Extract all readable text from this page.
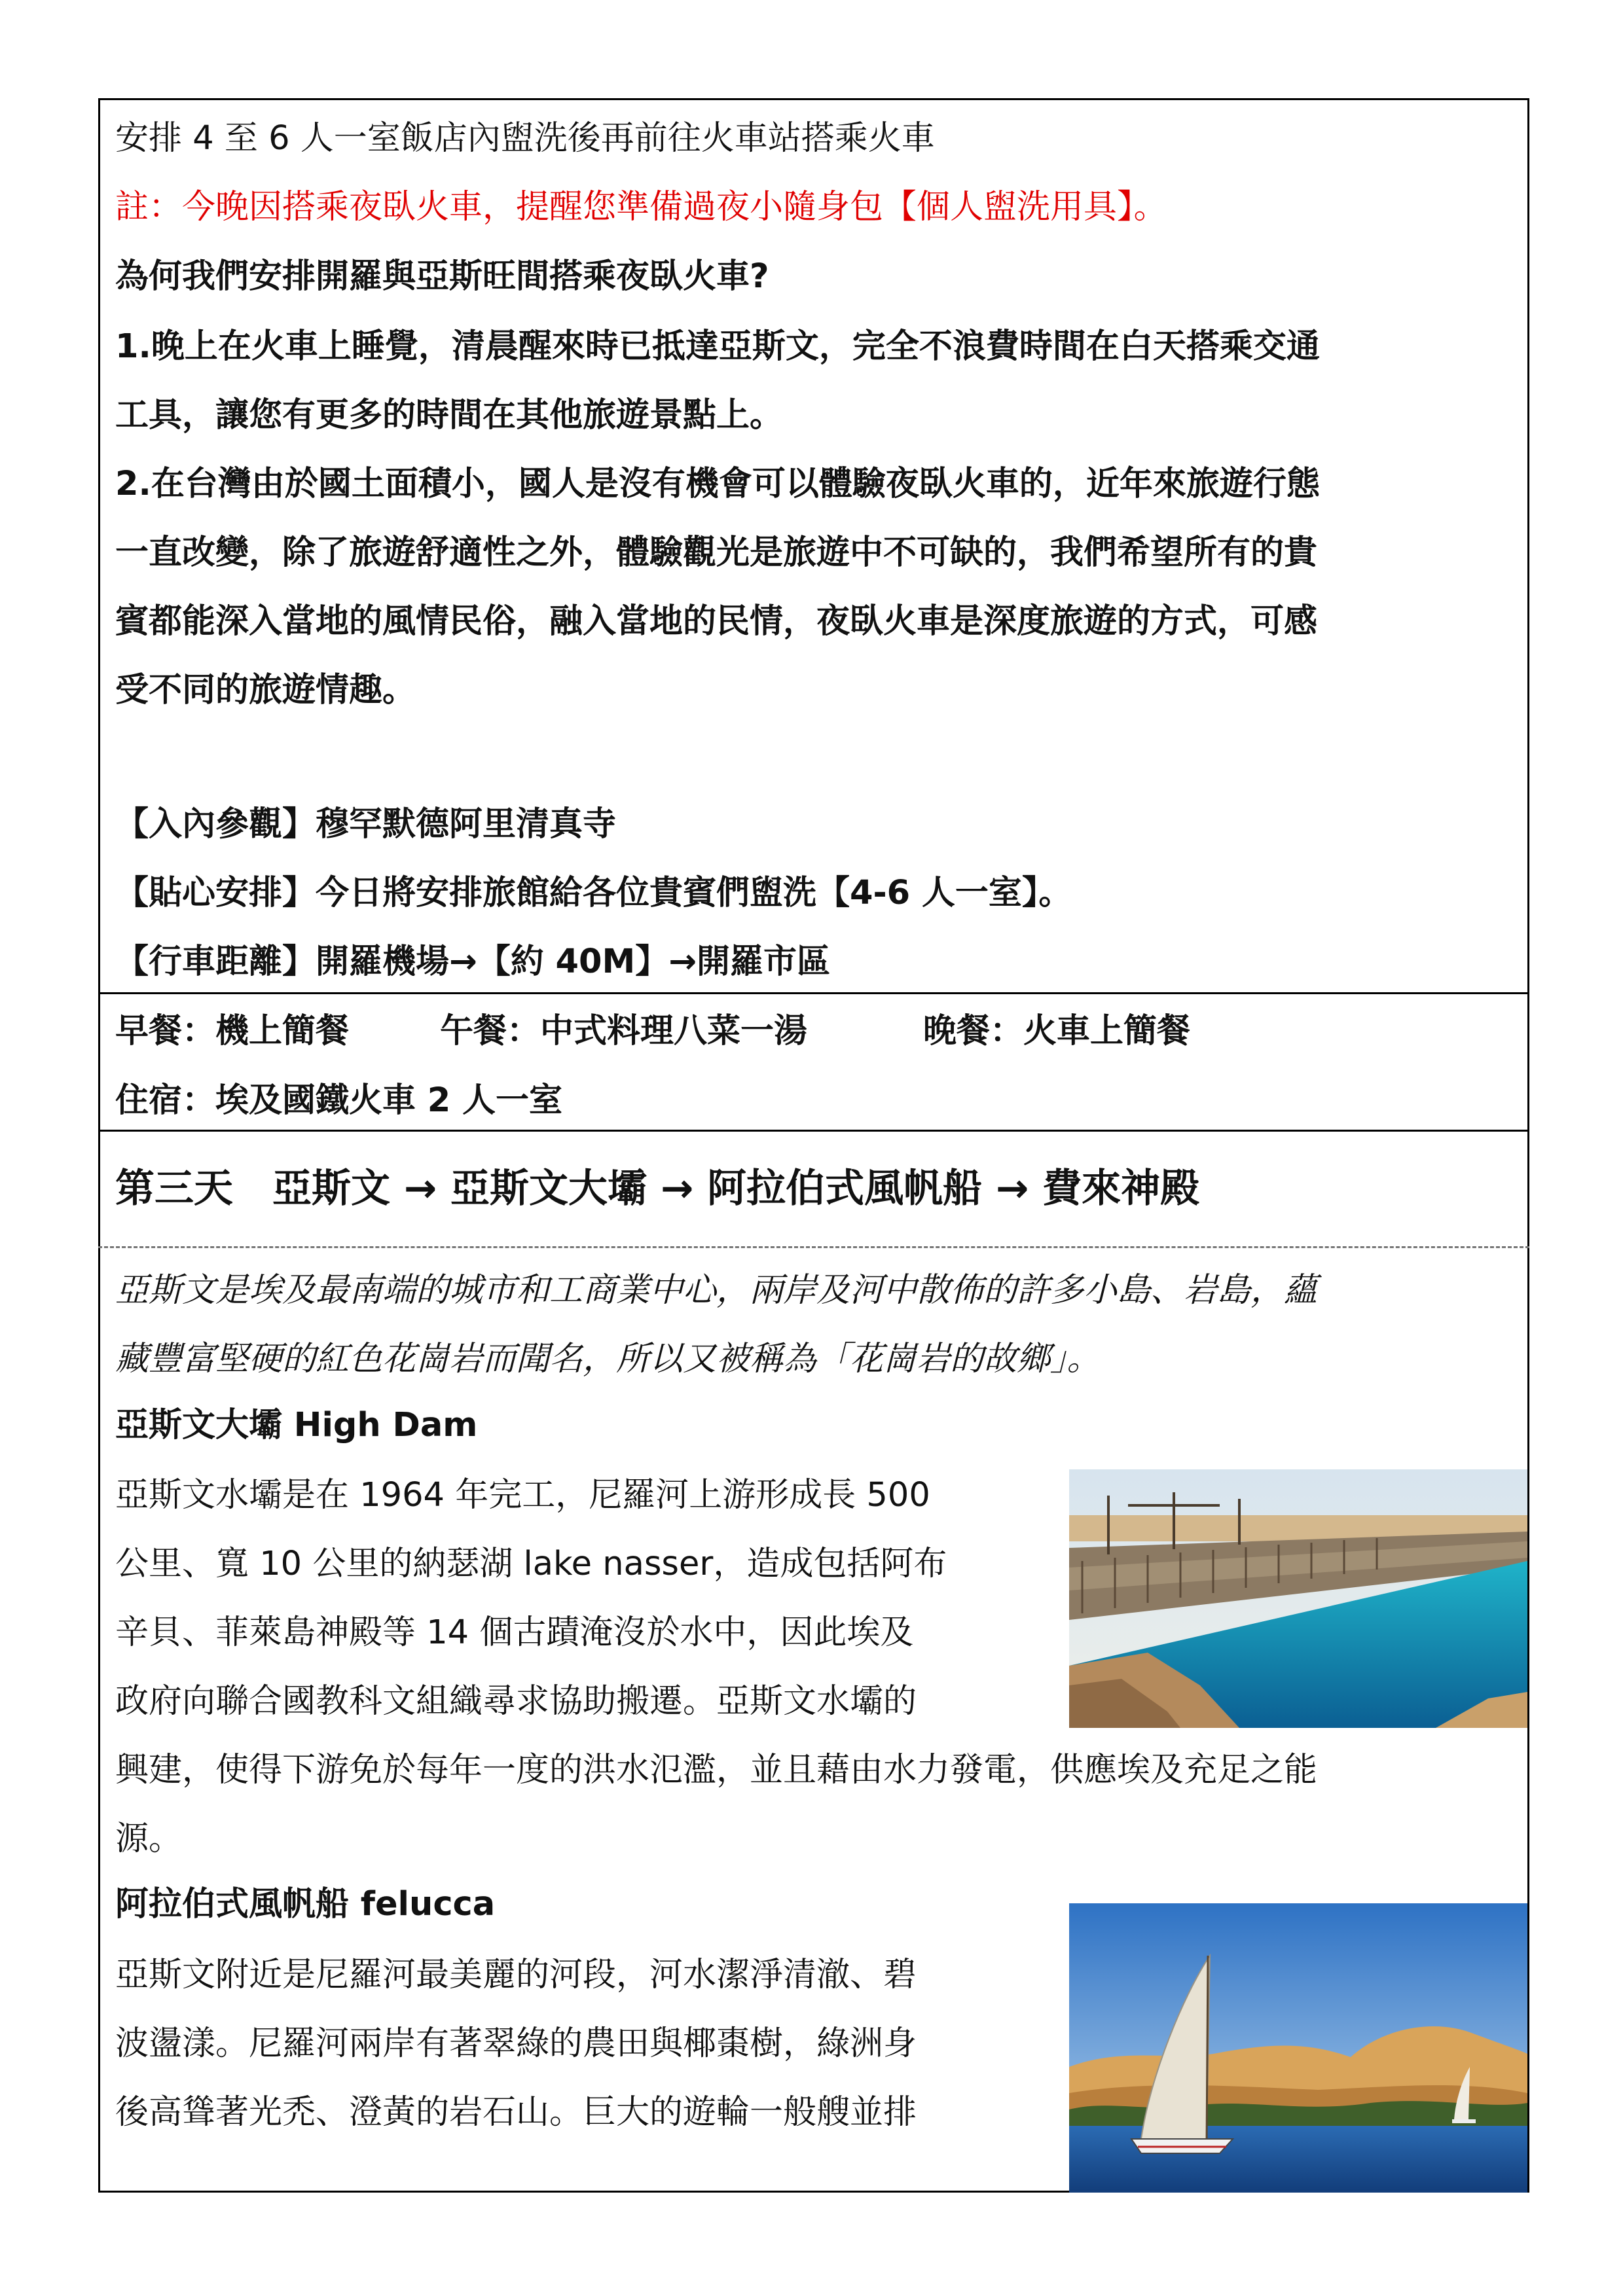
安排 4 至 6 人一室飯店內盥洗後再前往火車站搭乘火車
註：今晚因搭乘夜臥火車，提醒您準備過夜小隨身包【個人盥洗用具】。
為何我們安排開羅與亞斯旺間搭乘夜臥火車?
1.晚上在火車上睡覺，清晨醒來時已抵達亞斯文，完全不浪費時間在白天搭乘交通
工具，讓您有更多的時間在其他旅遊景點上。
2.在台灣由於國土面積小，國人是沒有機會可以體驗夜臥火車的，近年來旅遊行態
一直改變，除了旅遊舒適性之外，體驗觀光是旅遊中不可缺的，我們希望所有的貴
賓都能深入當地的風情民俗，融入當地的民情，夜臥火車是深度旅遊的方式，可感
受不同的旅遊情趣。
【入內參觀】穆罕默德阿里清真寺
【貼心安排】今日將安排旅館給各位貴賓們盥洗【4-6 人一室】。
【行車距離】開羅機場→【約 40M】→開羅市區
早餐：機上簡餐	午餐：中式料理八菜一湯	晚餐：火車上簡餐
住宿：埃及國鐵火車 2 人一室
第三天　亞斯文 → 亞斯文大壩 → 阿拉伯式風帆船 → 費來神殿
亞斯文是埃及最南端的城市和工商業中心，兩岸及河中散佈的許多小島、岩島，蘊
藏豐富堅硬的紅色花崗岩而聞名，所以又被稱為「花崗岩的故鄉」。
亞斯文大壩 High Dam
亞斯文水壩是在 1964 年完工，尼羅河上游形成長 500
公里、寬 10 公里的納瑟湖 lake nasser，造成包括阿布
辛貝、菲萊島神殿等 14 個古蹟淹沒於水中，因此埃及
政府向聯合國教科文組織尋求協助搬遷。亞斯文水壩的
興建，使得下游免於每年一度的洪水氾濫，並且藉由水力發電，供應埃及充足之能
源。
阿拉伯式風帆船 felucca
亞斯文附近是尼羅河最美麗的河段，河水潔淨清澈、碧
波盪漾。尼羅河兩岸有著翠綠的農田與椰棗樹，綠洲身
後高聳著光禿、澄黃的岩石山。巨大的遊輪一般艘並排
